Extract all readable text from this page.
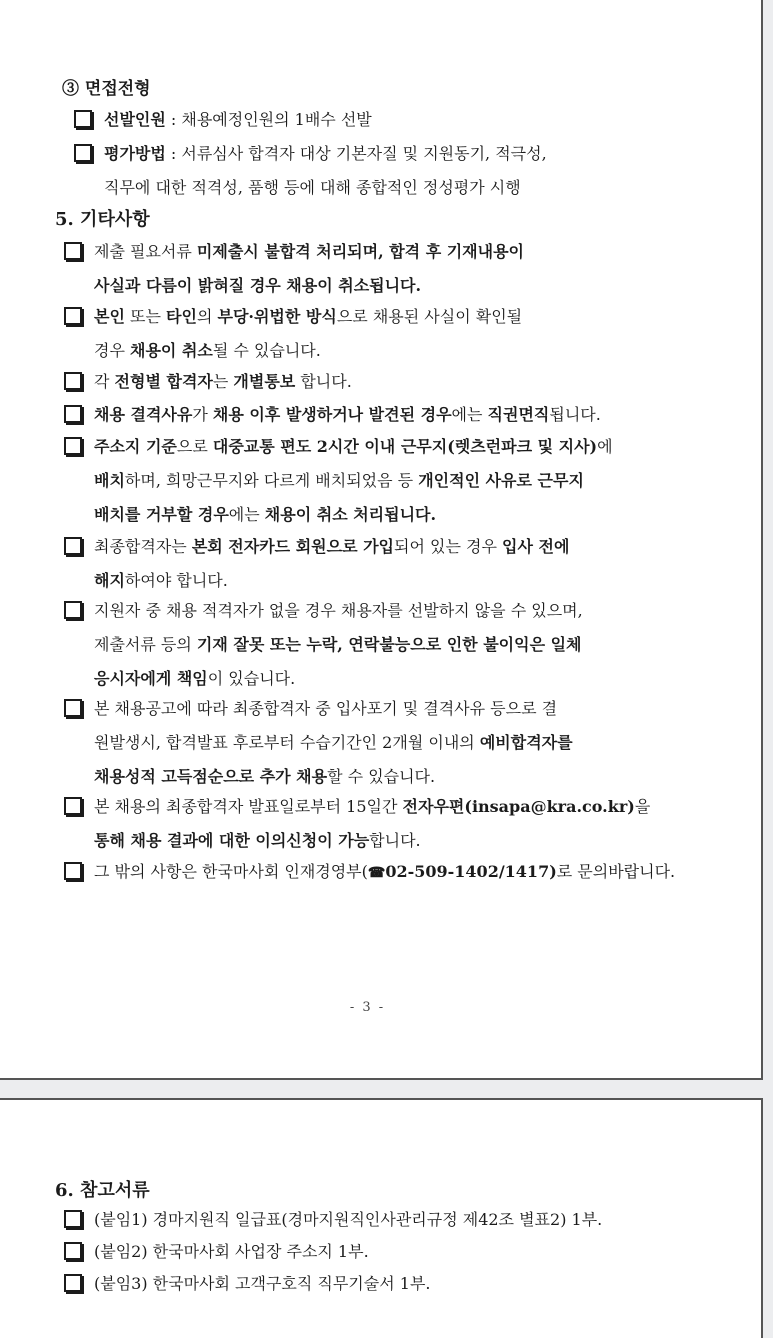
③ 면접전형
선발인원 : 채용예정인원의 1배수 선발
평가방법 : 서류심사 합격자 대상 기본자질 및 지원동기, 적극성,
직무에 대한 적격성, 품행 등에 대해 종합적인 정성평가 시행
5. 기타사항
제출 필요서류 미제출시 불합격 처리되며, 합격 후 기재내용이
사실과 다름이 밝혀질 경우 채용이 취소됩니다.
본인 또는 타인의 부당·위법한 방식으로 채용된 사실이 확인될
경우 채용이 취소될 수 있습니다.
각 전형별 합격자는 개별통보 합니다.
채용 결격사유가 채용 이후 발생하거나 발견된 경우에는 직권면직됩니다.
주소지 기준으로 대중교통 편도 2시간 이내 근무지(렛츠런파크 및 지사)에
배치하며, 희망근무지와 다르게 배치되었음 등 개인적인 사유로 근무지
배치를 거부할 경우에는 채용이 취소 처리됩니다.
최종합격자는 본회 전자카드 회원으로 가입되어 있는 경우 입사 전에
해지하여야 합니다.
지원자 중 채용 적격자가 없을 경우 채용자를 선발하지 않을 수 있으며,
제출서류 등의 기재 잘못 또는 누락, 연락불능으로 인한 불이익은 일체
응시자에게 책임이 있습니다.
본 채용공고에 따라 최종합격자 중 입사포기 및 결격사유 등으로 결
원발생시, 합격발표 후로부터 수습기간인 2개월 이내의 예비합격자를
채용성적 고득점순으로 추가 채용할 수 있습니다.
본 채용의 최종합격자 발표일로부터 15일간 전자우편(insapa@kra.co.kr)을
통해 채용 결과에 대한 이의신청이 가능합니다.
그 밖의 사항은 한국마사회 인재경영부(☎02-509-1402/1417)로 문의바랍니다.
- 3 -
6. 참고서류
(붙임1) 경마지원직 일급표(경마지원직인사관리규정 제42조 별표2) 1부.
(붙임2) 한국마사회 사업장 주소지 1부.
(붙임3) 한국마사회 고객구호직 직무기술서 1부.
